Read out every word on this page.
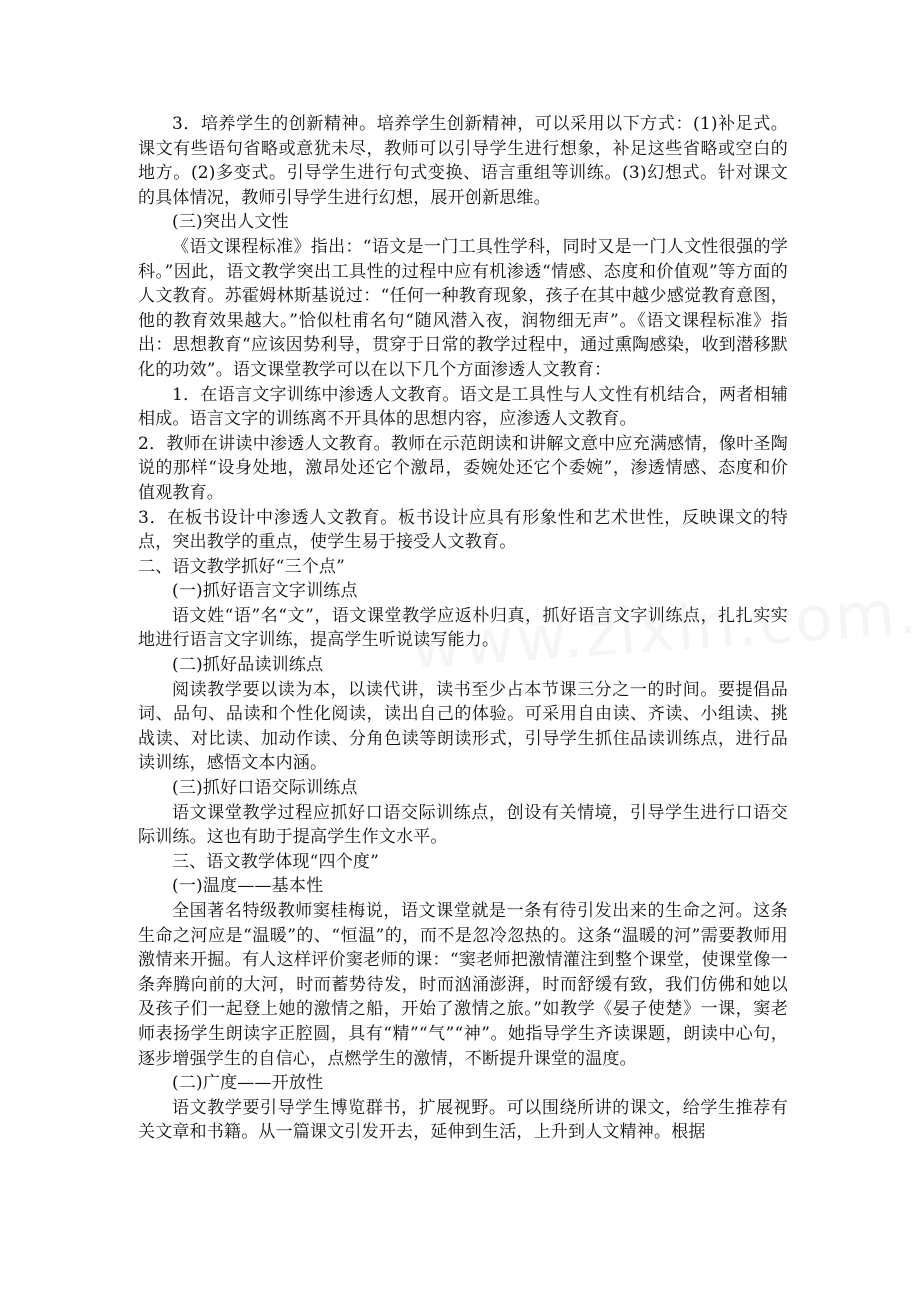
3．培养学生的创新精神。培养学生创新精神，可以采用以下方式：(1)补足式。课文有些语句省略或意犹未尽，教师可以引导学生进行想象，补足这些省略或空白的地方。(2)多变式。引导学生进行句式变换、语言重组等训练。(3)幻想式。针对课文的具体情况，教师引导学生进行幻想，展开创新思维。

(三)突出人文性

《语文课程标准》指出：“语文是一门工具性学科，同时又是一门人文性很强的学科。”因此，语文教学突出工具性的过程中应有机渗透“情感、态度和价值观”等方面的人文教育。苏霍姆林斯基说过：“任何一种教育现象，孩子在其中越少感觉教育意图，他的教育效果越大。”恰似杜甫名句“随风潜入夜，润物细无声”。《语文课程标准》指出：思想教育“应该因势利导，贯穿于日常的教学过程中，通过熏陶感染，收到潜移默化的功效”。语文课堂教学可以在以下几个方面渗透人文教育：

1．在语言文字训练中渗透人文教育。语文是工具性与人文性有机结合，两者相辅相成。语言文字的训练离不开具体的思想内容，应渗透人文教育。

2．教师在讲读中渗透人文教育。教师在示范朗读和讲解文意中应充满感情，像叶圣陶说的那样“设身处地，激昂处还它个激昂，委婉处还它个委婉”，渗透情感、态度和价值观教育。

3．在板书设计中渗透人文教育。板书设计应具有形象性和艺术世性，反映课文的特点，突出教学的重点，使学生易于接受人文教育。

二、语文教学抓好“三个点”

(一)抓好语言文字训练点

语文姓“语”名“文”，语文课堂教学应返朴归真，抓好语言文字训练点，扎扎实实地进行语言文字训练，提高学生听说读写能力。

(二)抓好品读训练点

阅读教学要以读为本，以读代讲，读书至少占本节课三分之一的时间。要提倡品词、品句、品读和个性化阅读，读出自己的体验。可采用自由读、齐读、小组读、挑战读、对比读、加动作读、分角色读等朗读形式，引导学生抓住品读训练点，进行品读训练，感悟文本内涵。

(三)抓好口语交际训练点

语文课堂教学过程应抓好口语交际训练点，创设有关情境，引导学生进行口语交际训练。这也有助于提高学生作文水平。

三、语文教学体现“四个度”

(一)温度——基本性

全国著名特级教师窦桂梅说，语文课堂就是一条有待引发出来的生命之河。这条生命之河应是“温暖”的、“恒温”的，而不是忽冷忽热的。这条“温暖的河”需要教师用激情来开掘。有人这样评价窦老师的课：“窦老师把激情灌注到整个课堂，使课堂像一条奔腾向前的大河，时而蓄势待发，时而汹涌澎湃，时而舒缓有致，我们仿佛和她以及孩子们一起登上她的激情之船，开始了激情之旅。”如教学《晏子使楚》一课，窦老师表扬学生朗读字正腔圆，具有“精”“气”“神”。她指导学生齐读课题，朗读中心句，逐步增强学生的自信心，点燃学生的激情，不断提升课堂的温度。

(二)广度——开放性

语文教学要引导学生博览群书，扩展视野。可以围绕所讲的课文，给学生推荐有关文章和书籍。从一篇课文引发开去，延伸到生活，上升到人文精神。根据
